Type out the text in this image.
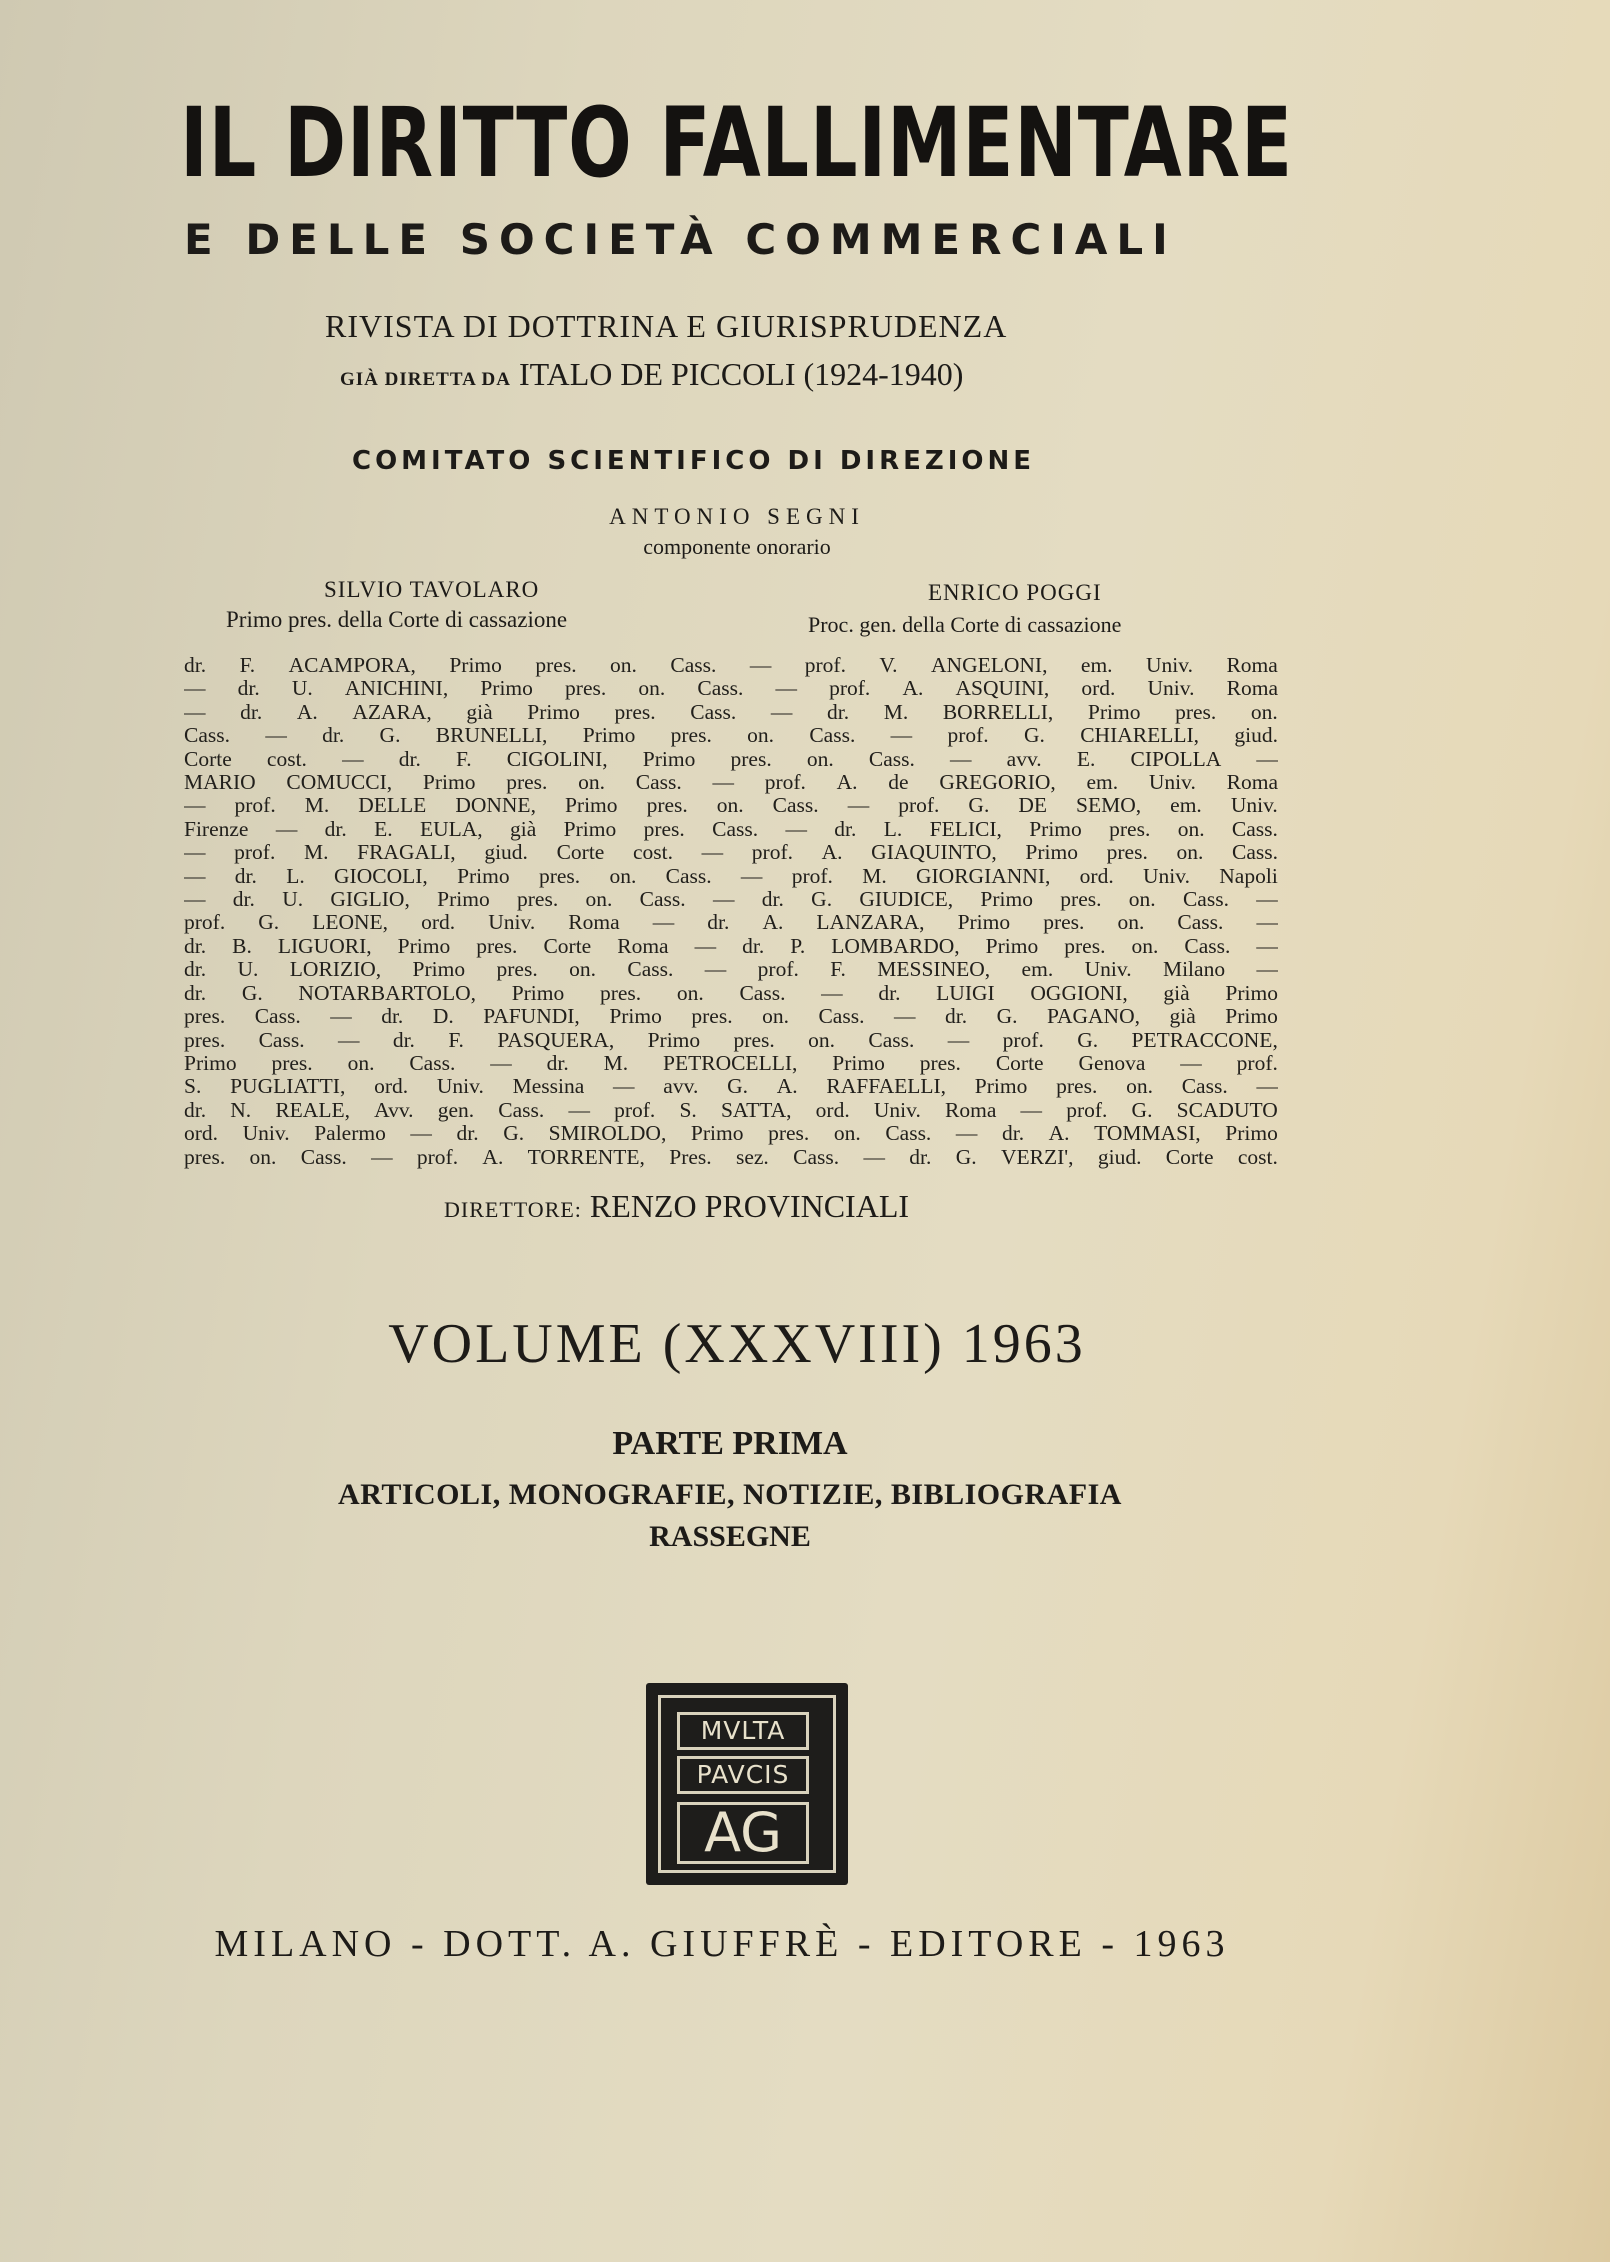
IL DIRITTO FALLIMENTARE
E DELLE SOCIETÀ COMMERCIALI
RIVISTA DI DOTTRINA E GIURISPRUDENZA
GIÀ DIRETTA DA ITALO DE PICCOLI (1924-1940)
COMITATO SCIENTIFICO DI DIREZIONE
ANTONIO SEGNI
componente onorario
SILVIO TAVOLARO
Primo pres. della Corte di cassazione
ENRICO POGGI
Proc. gen. della Corte di cassazione
dr. F. ACAMPORA, Primo pres. on. Cass. — prof. V. ANGELONI, em. Univ. Roma
— dr. U. ANICHINI, Primo pres. on. Cass. — prof. A. ASQUINI, ord. Univ. Roma
— dr. A. AZARA, già Primo pres. Cass. — dr. M. BORRELLI, Primo pres. on.
Cass. — dr. G. BRUNELLI, Primo pres. on. Cass. — prof. G. CHIARELLI, giud.
Corte cost. — dr. F. CIGOLINI, Primo pres. on. Cass. — avv. E. CIPOLLA —
MARIO COMUCCI, Primo pres. on. Cass. — prof. A. de GREGORIO, em. Univ. Roma
— prof. M. DELLE DONNE, Primo pres. on. Cass. — prof. G. DE SEMO, em. Univ.
Firenze — dr. E. EULA, già Primo pres. Cass. — dr. L. FELICI, Primo pres. on. Cass.
— prof. M. FRAGALI, giud. Corte cost. — prof. A. GIAQUINTO, Primo pres. on. Cass.
— dr. L. GIOCOLI, Primo pres. on. Cass. — prof. M. GIORGIANNI, ord. Univ. Napoli
— dr. U. GIGLIO, Primo pres. on. Cass. — dr. G. GIUDICE, Primo pres. on. Cass. —
prof. G. LEONE, ord. Univ. Roma — dr. A. LANZARA, Primo pres. on. Cass. —
dr. B. LIGUORI, Primo pres. Corte Roma — dr. P. LOMBARDO, Primo pres. on. Cass. —
dr. U. LORIZIO, Primo pres. on. Cass. — prof. F. MESSINEO, em. Univ. Milano —
dr. G. NOTARBARTOLO, Primo pres. on. Cass. — dr. LUIGI OGGIONI, già Primo
pres. Cass. — dr. D. PAFUNDI, Primo pres. on. Cass. — dr. G. PAGANO, già Primo
pres. Cass. — dr. F. PASQUERA, Primo pres. on. Cass. — prof. G. PETRACCONE,
Primo pres. on. Cass. — dr. M. PETROCELLI, Primo pres. Corte Genova — prof.
S. PUGLIATTI, ord. Univ. Messina — avv. G. A. RAFFAELLI, Primo pres. on. Cass. —
dr. N. REALE, Avv. gen. Cass. — prof. S. SATTA, ord. Univ. Roma — prof. G. SCADUTO
ord. Univ. Palermo — dr. G. SMIROLDO, Primo pres. on. Cass. — dr. A. TOMMASI, Primo
pres. on. Cass. — prof. A. TORRENTE, Pres. sez. Cass. — dr. G. VERZI', giud. Corte cost.
DIRETTORE: RENZO PROVINCIALI
VOLUME (XXXVIII) 1963
PARTE PRIMA
ARTICOLI, MONOGRAFIE, NOTIZIE, BIBLIOGRAFIA
RASSEGNE
MVLTA
PAVCIS
AG
MILANO - DOTT. A. GIUFFRÈ - EDITORE - 1963
